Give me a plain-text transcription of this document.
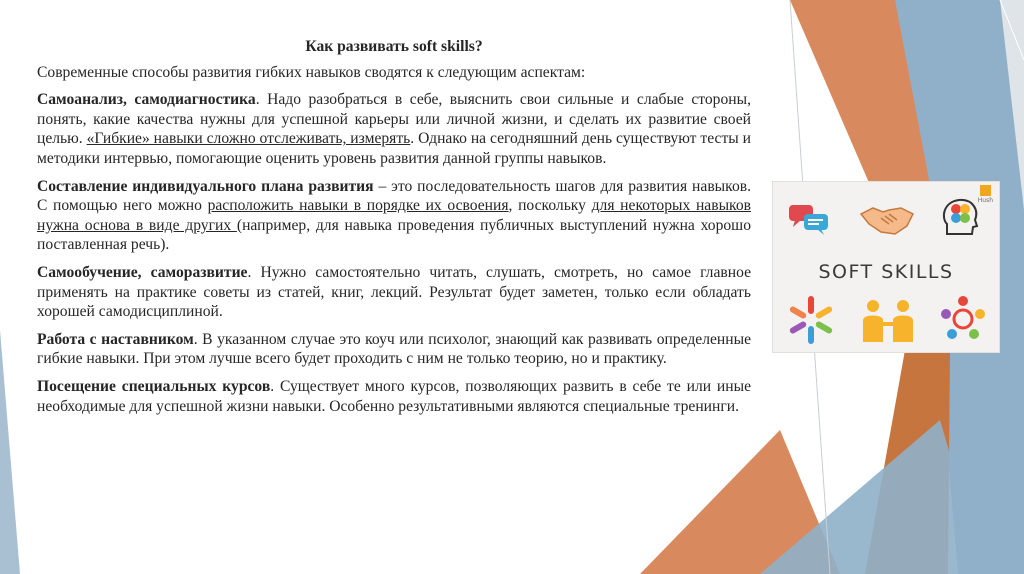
Как развивать soft skills?
Современные способы развития гибких навыков сводятся к следующим аспектам:
Самоанализ, самодиагностика. Надо разобраться в себе, выяснить свои сильные и слабые стороны, понять, какие качества нужны для успешной карьеры или личной жизни, и сделать их развитие своей целью. «Гибкие» навыки сложно отслеживать, измерять. Однако на сегодняшний день существуют тесты и методики интервью, помогающие оценить уровень развития данной группы навыков.
Составление индивидуального плана развития – это последовательность шагов для развития навыков. С помощью него можно расположить навыки в порядке их освоения, поскольку для некоторых навыков нужна основа в виде других (например, для навыка проведения публичных выступлений нужна хорошо поставленная речь).
Самообучение, саморазвитие. Нужно самостоятельно читать, слушать, смотреть, но самое главное применять на практике советы из статей, книг, лекций. Результат будет заметен, только если обладать хорошей самодисциплиной.
Работа с наставником. В указанном случае это коуч или психолог, знающий как развивать определенные гибкие навыки. При этом лучше всего будет проходить с ним не только теорию, но и практику.
Посещение специальных курсов. Существует много курсов, позволяющих развить в себе те или иные необходимые для успешной жизни навыки. Особенно результативными являются специальные тренинги.
Hush
SOFT SKILLS
